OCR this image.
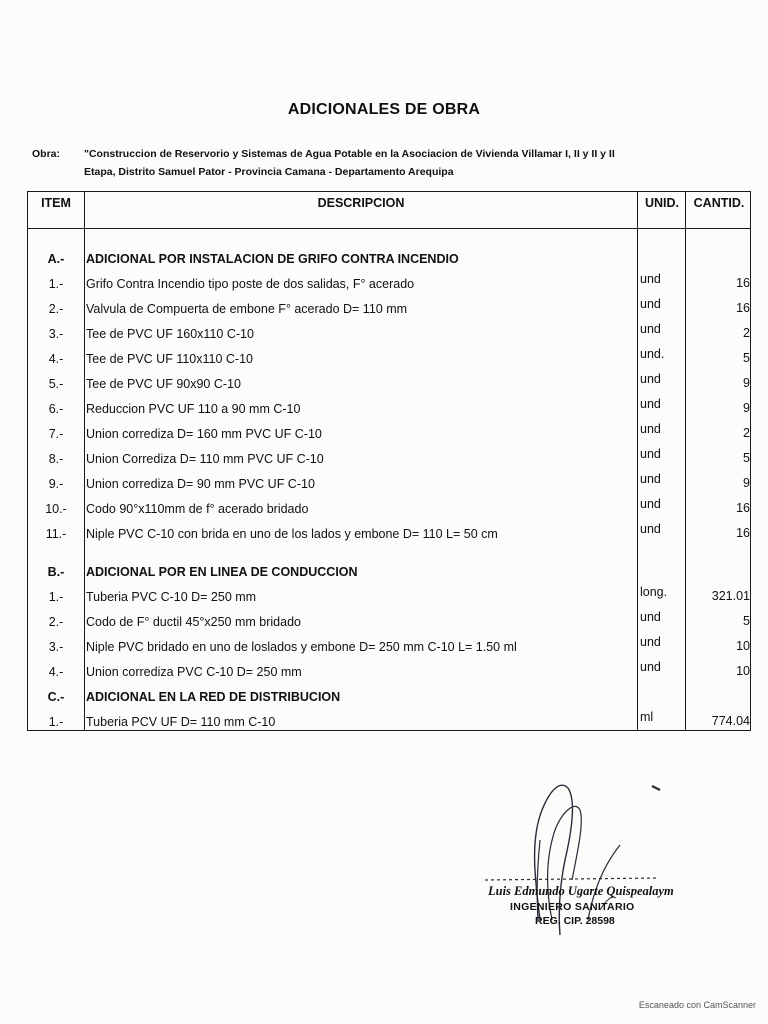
ADICIONALES DE OBRA
Obra: "Construccion de Reservorio y Sistemas de Agua Potable en la Asociacion de Vivienda Villamar I, II y II y II Etapa, Distrito Samuel Pator - Provincia Camana - Departamento Arequipa
ITEM	DESCRIPCION	UNID.	CANTID.
A.-	ADICIONAL POR INSTALACION DE GRIFO CONTRA INCENDIO
1.-	Grifo Contra Incendio tipo poste de dos salidas, F° acerado	und	16
2.-	Valvula de Compuerta de embone F° acerado D= 110 mm	und	16
3.-	Tee de PVC UF 160x110 C-10	und	2
4.-	Tee de PVC UF 110x110 C-10	und.	5
5.-	Tee de PVC UF 90x90 C-10	und	9
6.-	Reduccion PVC UF 110 a 90 mm C-10	und	9
7.-	Union corrediza D= 160 mm PVC UF C-10	und	2
8.-	Union Corrediza D= 110 mm PVC UF C-10	und	5
9.-	Union corrediza D= 90 mm PVC UF C-10	und	9
10.-	Codo 90°x110mm de f° acerado bridado	und	16
11.-	Niple PVC C-10 con brida en uno de los lados y embone D= 110 L= 50 cm	und	16
B.-	ADICIONAL POR EN LINEA DE CONDUCCION
1.-	Tuberia PVC C-10 D= 250 mm	long.	321.01
2.-	Codo de F° ductil 45°x250 mm bridado	und	5
3.-	Niple PVC bridado en uno de loslados y embone D= 250 mm C-10 L= 1.50 ml	und	10
4.-	Union corrediza PVC C-10 D= 250 mm	und	10
C.-	ADICIONAL EN LA RED DE DISTRIBUCION
1.-	Tuberia PCV UF D= 110 mm C-10	ml	774.04
Luis Edmundo Ugarte Quispealaym
INGENIERO SANITARIO
REG. CIP. 28598
Escaneado con CamScanner
